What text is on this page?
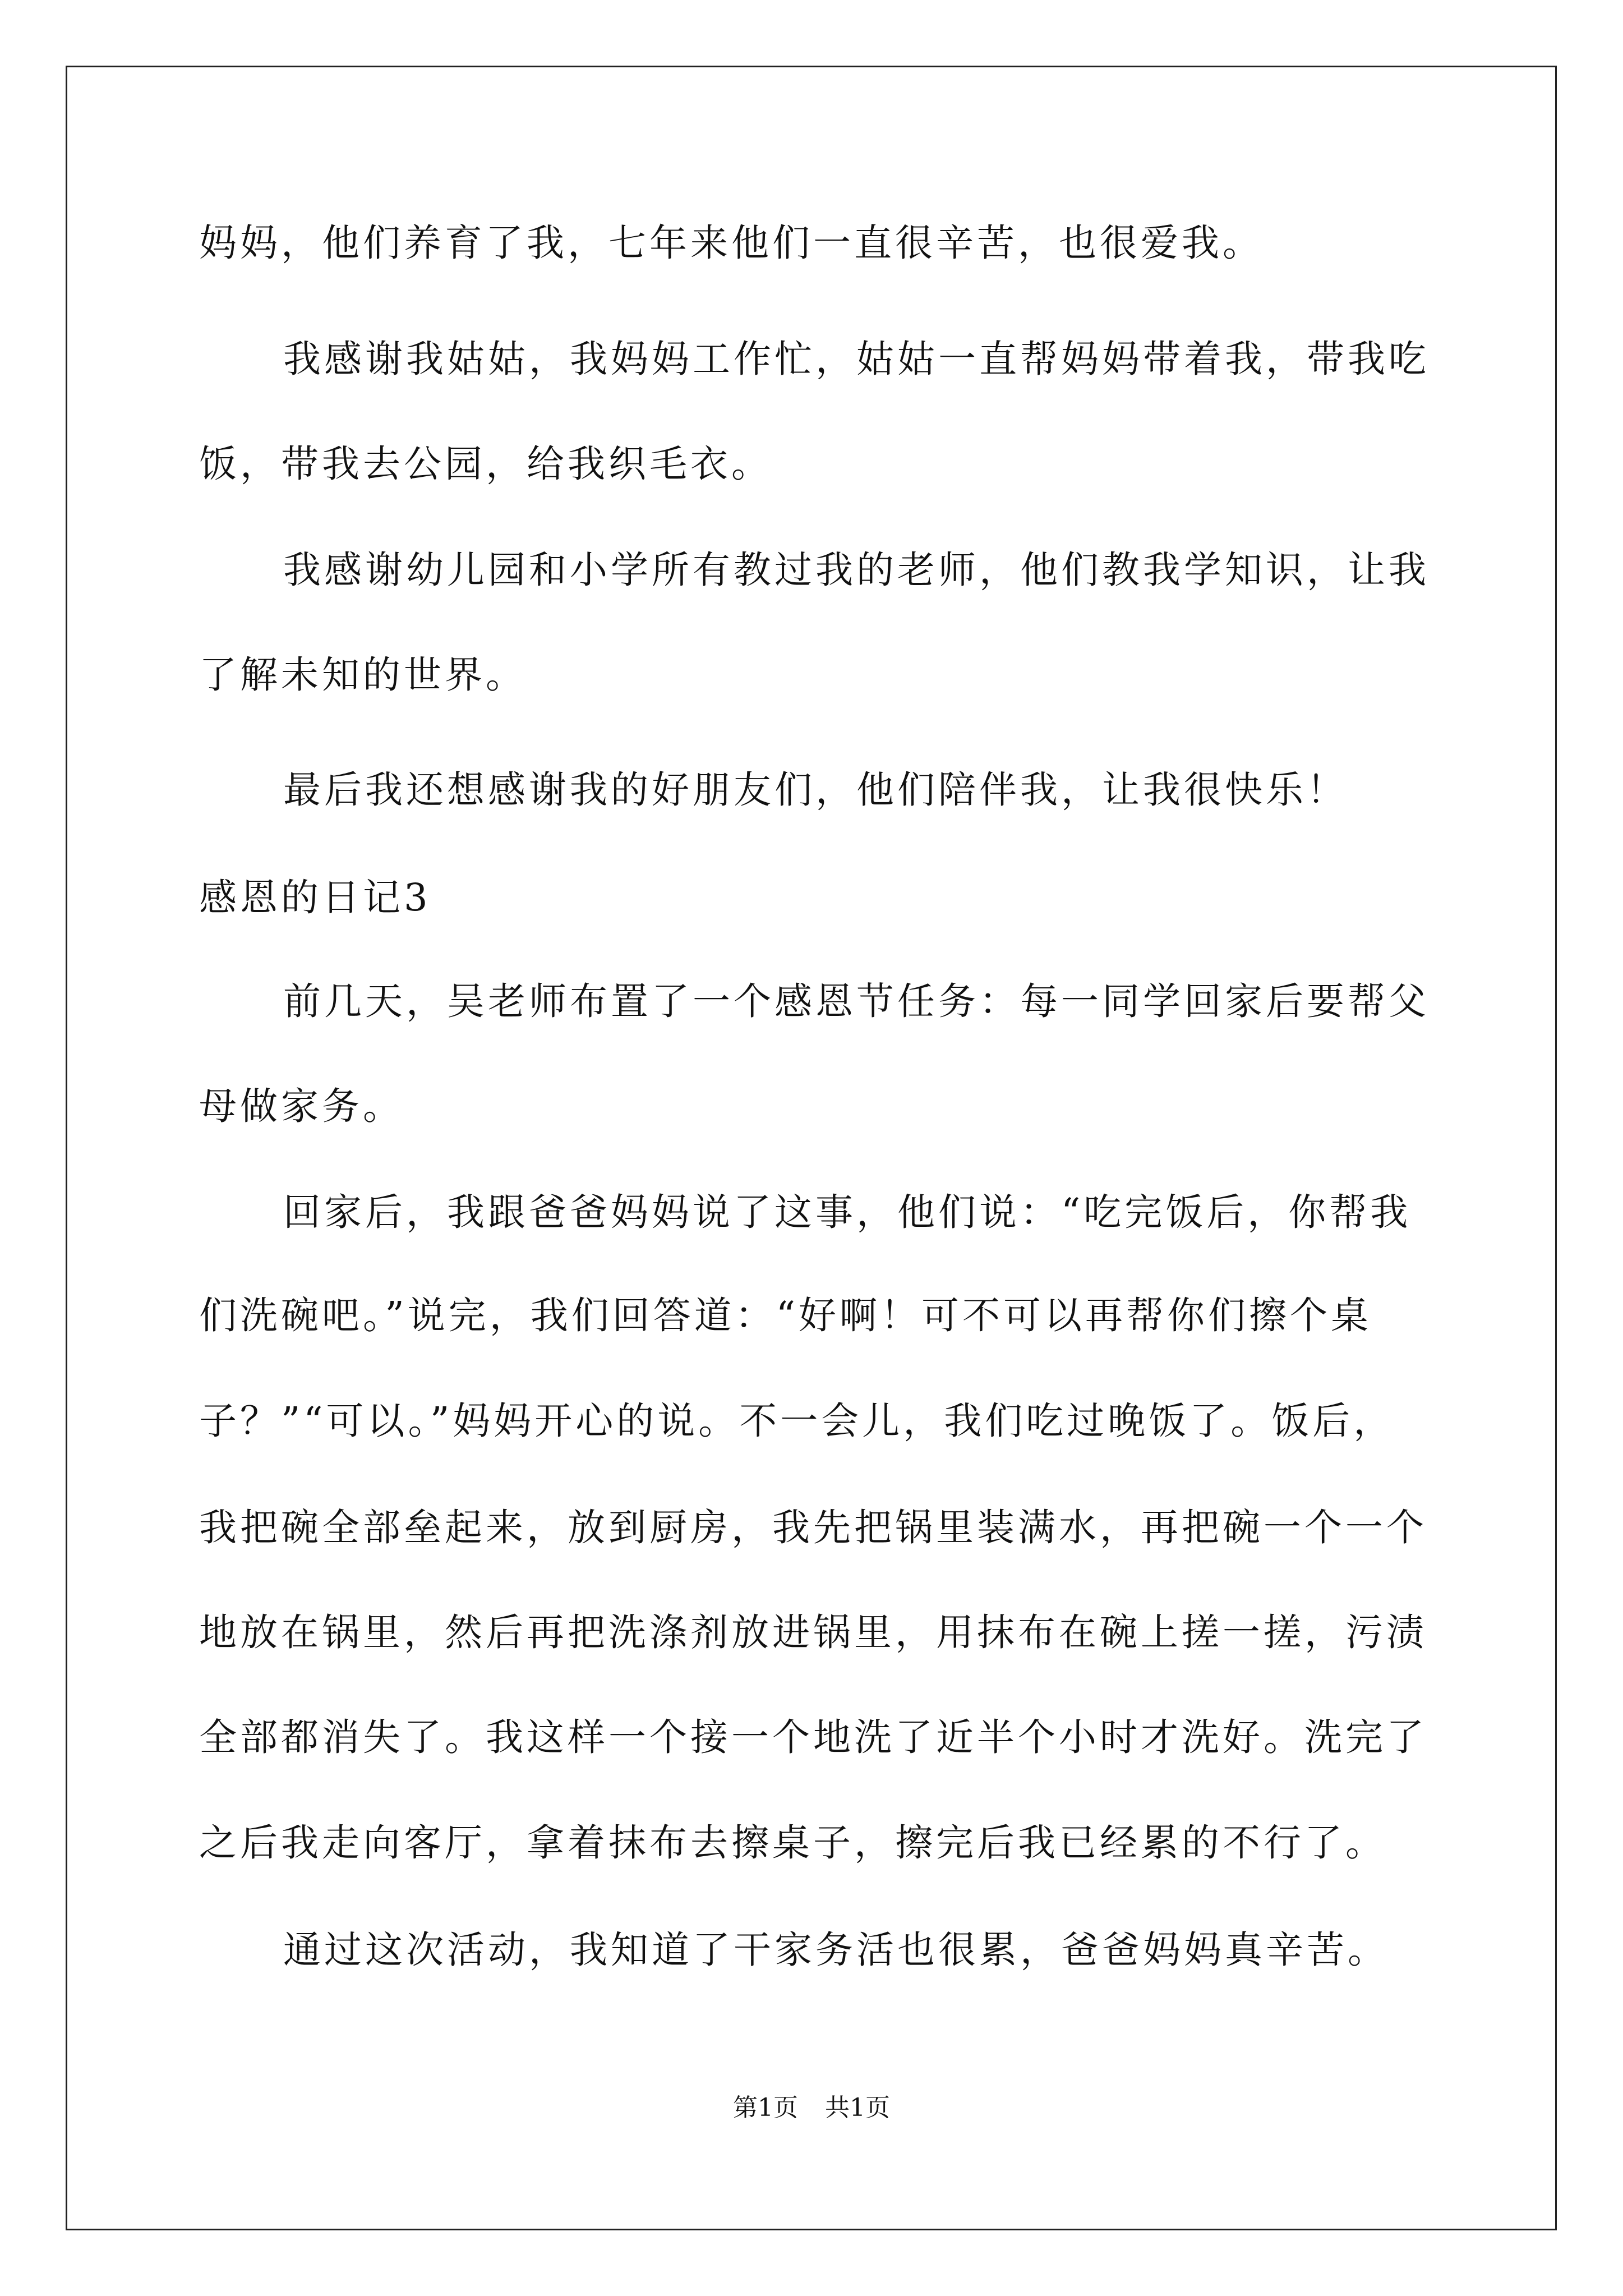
妈妈，他们养育了我，七年来他们一直很辛苦，也很爱我。
我感谢我姑姑，我妈妈工作忙，姑姑一直帮妈妈带着我，带我吃
饭，带我去公园，给我织毛衣。
我感谢幼儿园和小学所有教过我的老师，他们教我学知识，让我
了解未知的世界。
最后我还想感谢我的好朋友们，他们陪伴我，让我很快乐！
感恩的日记3
前几天，吴老师布置了一个感恩节任务：每一同学回家后要帮父
母做家务。
回家后，我跟爸爸妈妈说了这事，他们说：“吃完饭后，你帮我
们洗碗吧。”说完，我们回答道：“好啊！可不可以再帮你们擦个桌
子？”“可以。”妈妈开心的说。不一会儿，我们吃过晚饭了。饭后，
我把碗全部垒起来，放到厨房，我先把锅里装满水，再把碗一个一个
地放在锅里，然后再把洗涤剂放进锅里，用抹布在碗上搓一搓，污渍
全部都消失了。我这样一个接一个地洗了近半个小时才洗好。洗完了
之后我走向客厅，拿着抹布去擦桌子，擦完后我已经累的不行了。
通过这次活动，我知道了干家务活也很累，爸爸妈妈真辛苦。
第1页 共1页
